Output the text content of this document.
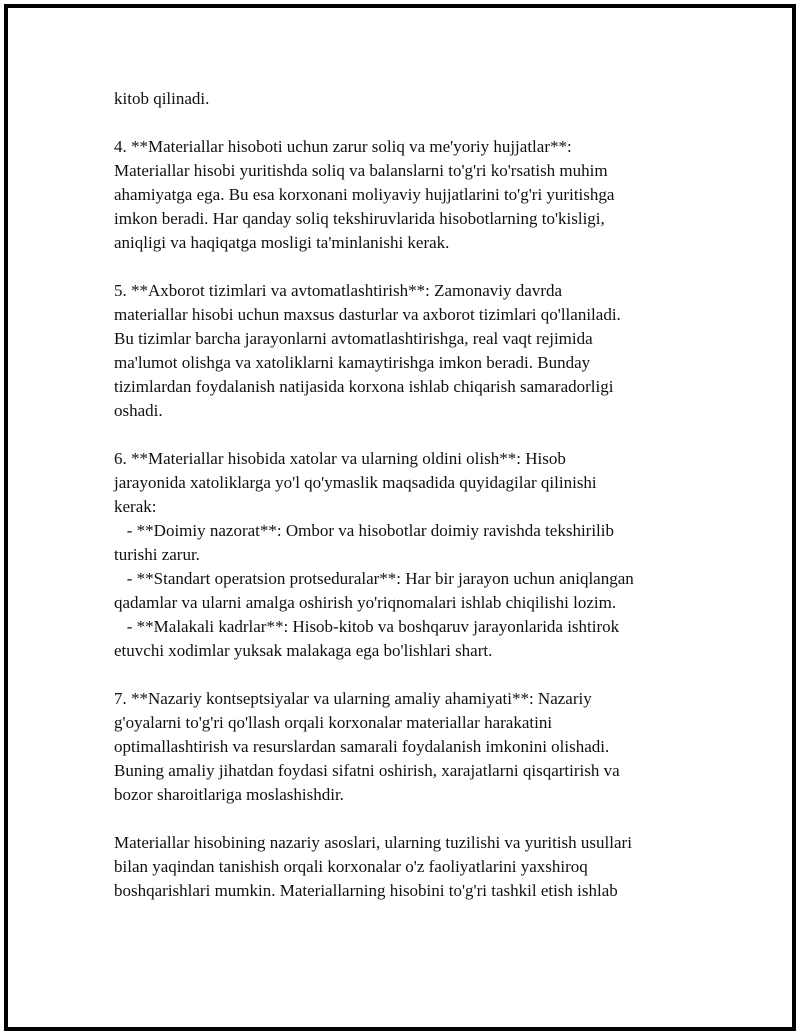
kitob qilinadi.
4. **Materiallar hisoboti uchun zarur soliq va me'yoriy hujjatlar**:
Materiallar hisobi yuritishda soliq va balanslarni to'g'ri ko'rsatish muhim
ahamiyatga ega. Bu esa korxonani moliyaviy hujjatlarini to'g'ri yuritishga
imkon beradi. Har qanday soliq tekshiruvlarida hisobotlarning to'kisligi,
aniqligi va haqiqatga mosligi ta'minlanishi kerak.
5. **Axborot tizimlari va avtomatlashtirish**: Zamonaviy davrda
materiallar hisobi uchun maxsus dasturlar va axborot tizimlari qo'llaniladi.
Bu tizimlar barcha jarayonlarni avtomatlashtirishga, real vaqt rejimida
ma'lumot olishga va xatoliklarni kamaytirishga imkon beradi. Bunday
tizimlardan foydalanish natijasida korxona ishlab chiqarish samaradorligi
oshadi.
6. **Materiallar hisobida xatolar va ularning oldini olish**: Hisob
jarayonida xatoliklarga yo'l qo'ymaslik maqsadida quyidagilar qilinishi
kerak:
- **Doimiy nazorat**: Ombor va hisobotlar doimiy ravishda tekshirilib
turishi zarur.
- **Standart operatsion protseduralar**: Har bir jarayon uchun aniqlangan
qadamlar va ularni amalga oshirish yo'riqnomalari ishlab chiqilishi lozim.
- **Malakali kadrlar**: Hisob-kitob va boshqaruv jarayonlarida ishtirok
etuvchi xodimlar yuksak malakaga ega bo'lishlari shart.
7. **Nazariy kontseptsiyalar va ularning amaliy ahamiyati**: Nazariy
g'oyalarni to'g'ri qo'llash orqali korxonalar materiallar harakatini
optimallashtirish va resurslardan samarali foydalanish imkonini olishadi.
Buning amaliy jihatdan foydasi sifatni oshirish, xarajatlarni qisqartirish va
bozor sharoitlariga moslashishdir.
Materiallar hisobining nazariy asoslari, ularning tuzilishi va yuritish usullari
bilan yaqindan tanishish orqali korxonalar o'z faoliyatlarini yaxshiroq
boshqarishlari mumkin. Materiallarning hisobini to'g'ri tashkil etish ishlab
